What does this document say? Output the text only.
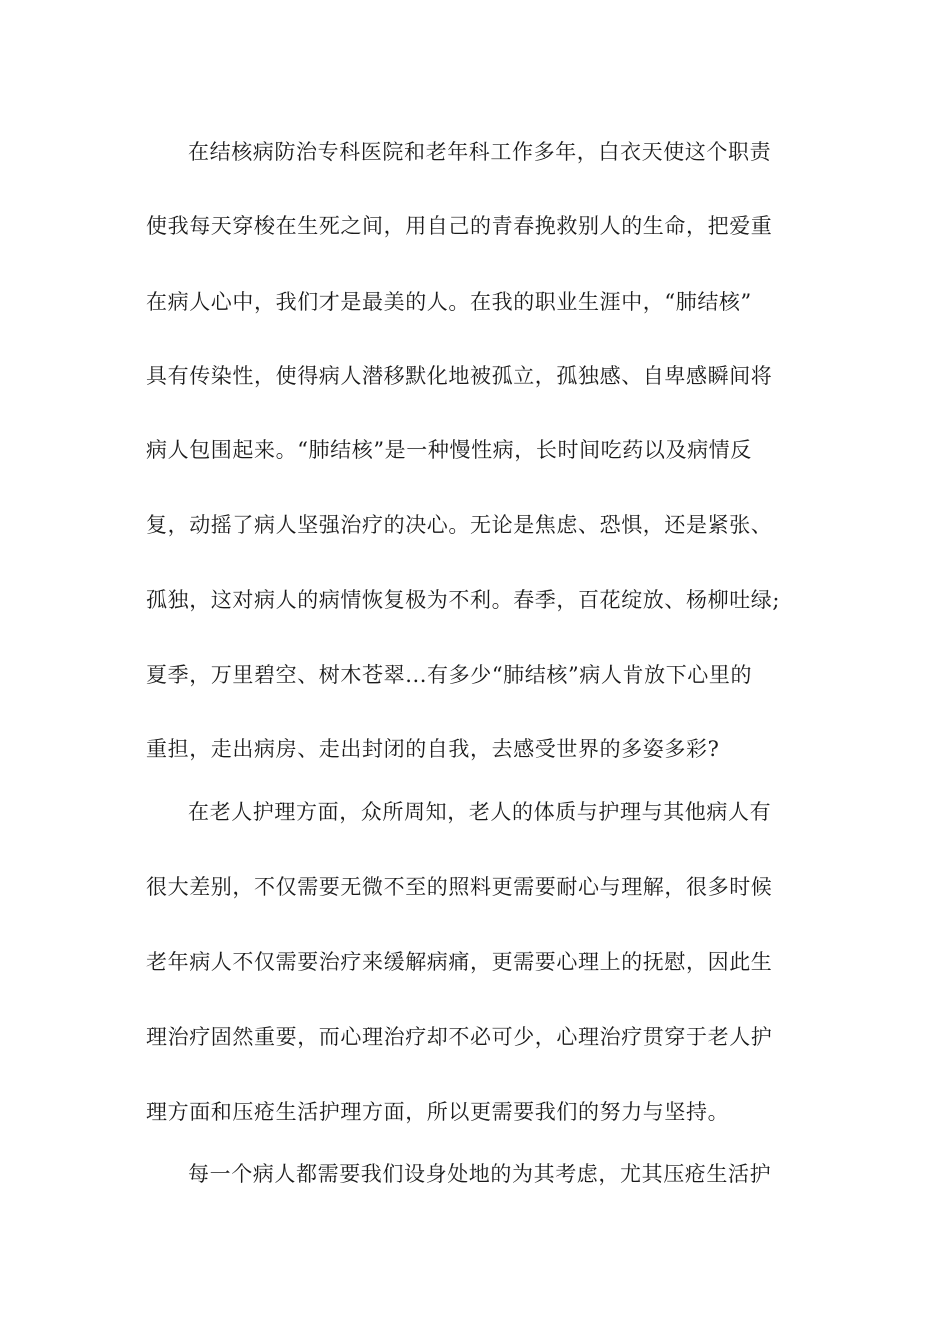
在结核病防治专科医院和老年科工作多年，白衣天使这个职责
使我每天穿梭在生死之间，用自己的青春挽救别人的生命，把爱重
在病人心中，我们才是最美的人。在我的职业生涯中，“肺结核”
具有传染性，使得病人潜移默化地被孤立，孤独感、自卑感瞬间将
病人包围起来。“肺结核”是一种慢性病，长时间吃药以及病情反
复，动摇了病人坚强治疗的决心。无论是焦虑、恐惧，还是紧张、
孤独，这对病人的病情恢复极为不利。春季，百花绽放、杨柳吐绿;
夏季，万里碧空、树木苍翠...有多少“肺结核”病人肯放下心里的
重担，走出病房、走出封闭的自我，去感受世界的多姿多彩?
在老人护理方面，众所周知，老人的体质与护理与其他病人有
很大差别，不仅需要无微不至的照料更需要耐心与理解，很多时候
老年病人不仅需要治疗来缓解病痛，更需要心理上的抚慰，因此生
理治疗固然重要，而心理治疗却不必可少，心理治疗贯穿于老人护
理方面和压疮生活护理方面，所以更需要我们的努力与坚持。
每一个病人都需要我们设身处地的为其考虑，尤其压疮生活护
